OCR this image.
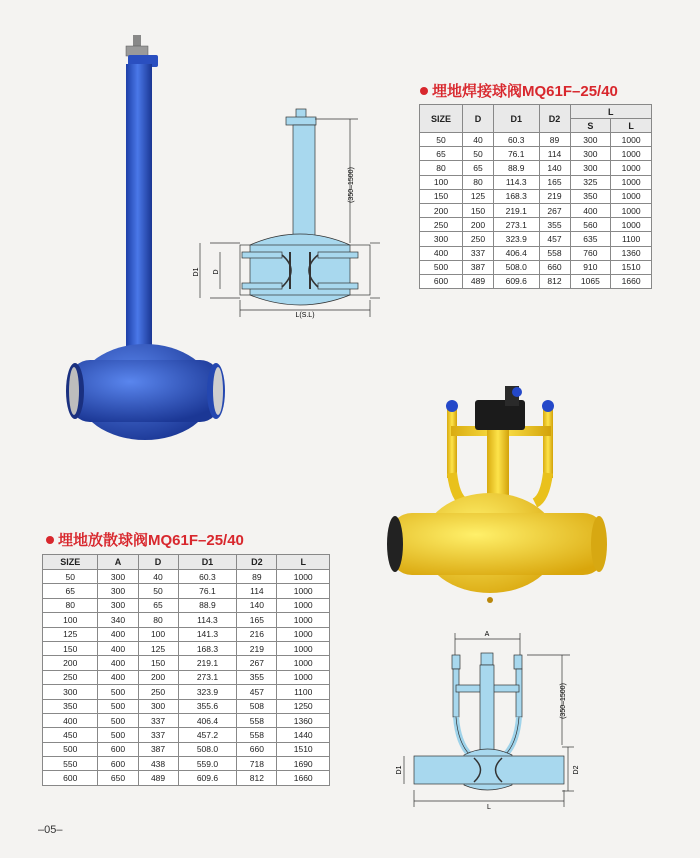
(350–1500)
D1 D
L(S.L)
埋地焊接球阀MQ61F–25/40
SIZE	D	D1	D2	L	
				S	L
50	40	60.3	89	300	1000
65	50	76.1	114	300	1000
80	65	88.9	140	300	1000
100	80	114.3	165	325	1000
150	125	168.3	219	350	1000
200	150	219.1	267	400	1000
250	200	273.1	355	560	1000
300	250	323.9	457	635	1100
400	337	406.4	558	760	1360
500	387	508.0	660	910	1510
600	489	609.6	812	1065	1660
A
(350–1500)
D1	D2
L
埋地放散球阀MQ61F–25/40
SIZE	A	D	D1	D2	L
50	300	40	60.3	89	1000
65	300	50	76.1	114	1000
80	300	65	88.9	140	1000
100	340	80	114.3	165	1000
125	400	100	141.3	216	1000
150	400	125	168.3	219	1000
200	400	150	219.1	267	1000
250	400	200	273.1	355	1000
300	500	250	323.9	457	1100
350	500	300	355.6	508	1250
400	500	337	406.4	558	1360
450	500	337	457.2	558	1440
500	600	387	508.0	660	1510
550	600	438	559.0	718	1690
600	650	489	609.6	812	1660
–05–
